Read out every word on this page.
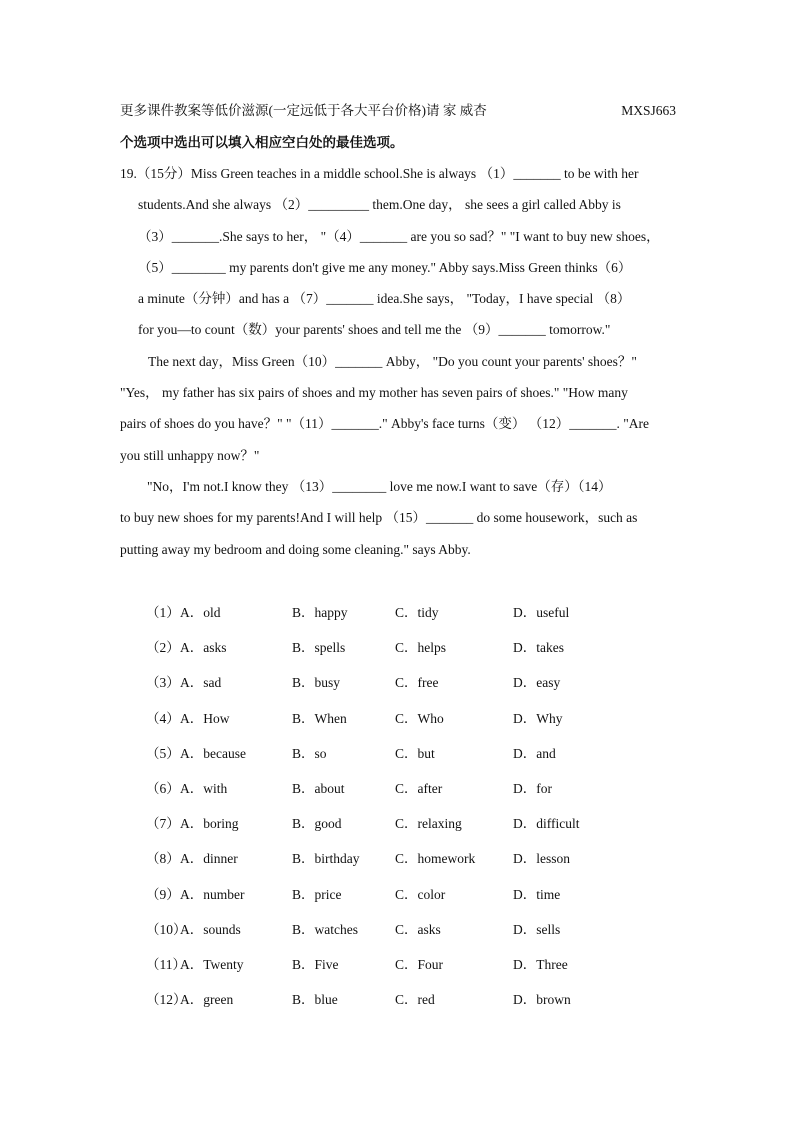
更多课件教案等低价滋源(一定远低于各大平台价格)请 家 威杏	MXSJ663
个选项中选出可以填入相应空白处的最佳选项。
19.（15分）Miss Green teaches in a middle school.She is always （1）_______ to be with her
students.And she always （2）_________ them.One day， she sees a girl called Abby is
（3）_______.She says to her， "（4）_______ are you so sad？" "I want to buy new shoes，
（5）________ my parents don't give me any money." Abby says.Miss Green thinks（6）
a minute（分钟）and has a （7）_______ idea.She says， "Today，I have special （8）
for you—to count（数）your parents' shoes and tell me the （9）_______ tomorrow."
The next day，Miss Green（10）_______ Abby， "Do you count your parents' shoes？"
"Yes， my father has six pairs of shoes and my mother has seven pairs of shoes." "How many
pairs of shoes do you have？" "（11）_______." Abby's face turns（变） （12）_______. "Are
you still unhappy now？"
"No，I'm not.I know they （13）________ love me now.I want to save（存）（14）
to buy new shoes for my parents!And I will help （15）_______ do some housework，such as
putting away my bedroom and doing some cleaning." says Abby.
（1） A．old	B．happy	C．tidy	D．useful
（2） A．asks	B．spells	C．helps	D．takes
（3） A．sad	B．busy	C．free	D．easy
（4） A．How	B．When	C．Who	D．Why
（5） A．because	B．so	C．but	D．and
（6） A．with	B．about	C．after	D．for
（7） A．boring	B．good	C．relaxing	D．difficult
（8） A．dinner	B．birthday	C．homework	D．lesson
（9） A．number	B．price	C．color	D．time
（10）
A．sounds	B．watches	C．asks	D．sells
（11）
A．Twenty	B．Five	C．Four	D．Three
（12）
A．green	B．blue	C．red	D．brown
